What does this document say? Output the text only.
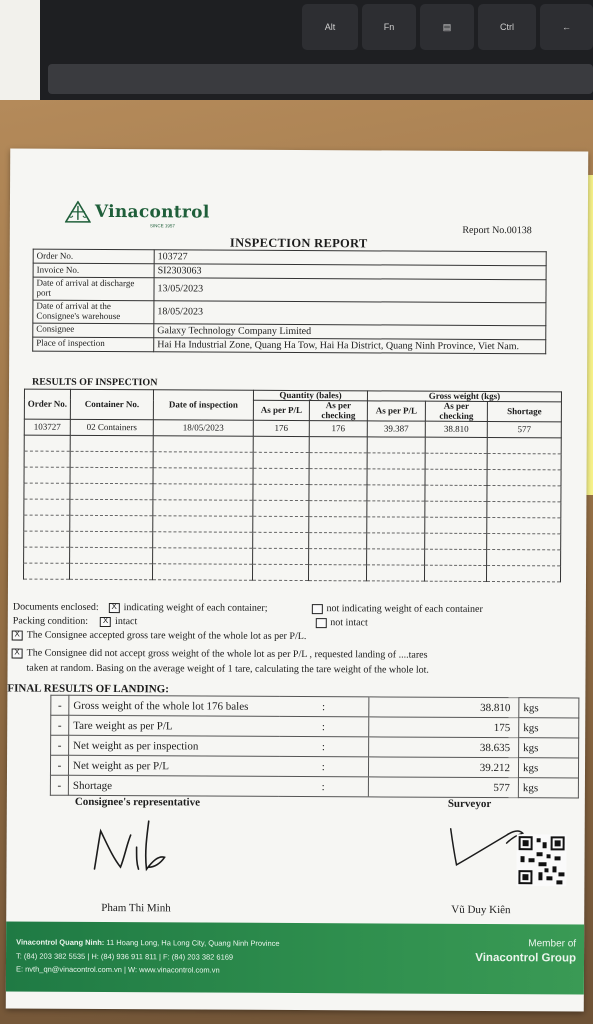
Alt	Fn	▤	Ctrl	←
Vinacontrol
SINCE 1957	Report No.00138
INSPECTION REPORT
Order No.	103727
Invoice No.	SI2303063
Date of arrival at discharge port	13/05/2023
Date of arrival at the Consignee's warehouse	18/05/2023
Consignee	Galaxy Technology Company Limited
Place of inspection	Hai Ha Industrial Zone, Quang Ha Tow, Hai Ha District, Quang Ninh Province, Viet Nam.
RESULTS OF INSPECTION
Order No.	Container No.	Date of inspection	Quantity (bales)		Gross weight (kgs)		
			As per P/L	As per checking	As per P/L	As per checking	Shortage
103727	02 Containers	18/05/2023	176	176	39.387	38.810	577

Documents enclosed:	X indicating weight of each container;	not indicating weight of each container
Packing condition:	X intact	not intact
X The Consignee accepted gross tare weight of the whole lot as per P/L.
X The Consignee did not accept gross weight of the whole lot as per P/L , requested landing of ....tares
taken at random. Basing on the average weight of 1 tare, calculating the tare weight of the whole lot.
FINAL RESULTS OF LANDING:
-	Gross weight of the whole lot 176 bales	:	38.810	kgs
-	Tare weight as per P/L	:	175	kgs
-	Net weight as per inspection	:	38.635	kgs
-	Net weight as per P/L	:	39.212	kgs
-	Shortage	:	577	kgs
Consignee's representative	Surveyor
Pham Thi Minh	Vũ Duy Kiên
Vinacontrol Quang Ninh: 11 Hoang Long, Ha Long City, Quang Ninh Province
T: (84) 203 382 5535 | H: (84) 936 911 811 | F: (84) 203 382 6169
E: nvth_qn@vinacontrol.com.vn | W: www.vinacontrol.com.vn
Member of
Vinacontrol Group
